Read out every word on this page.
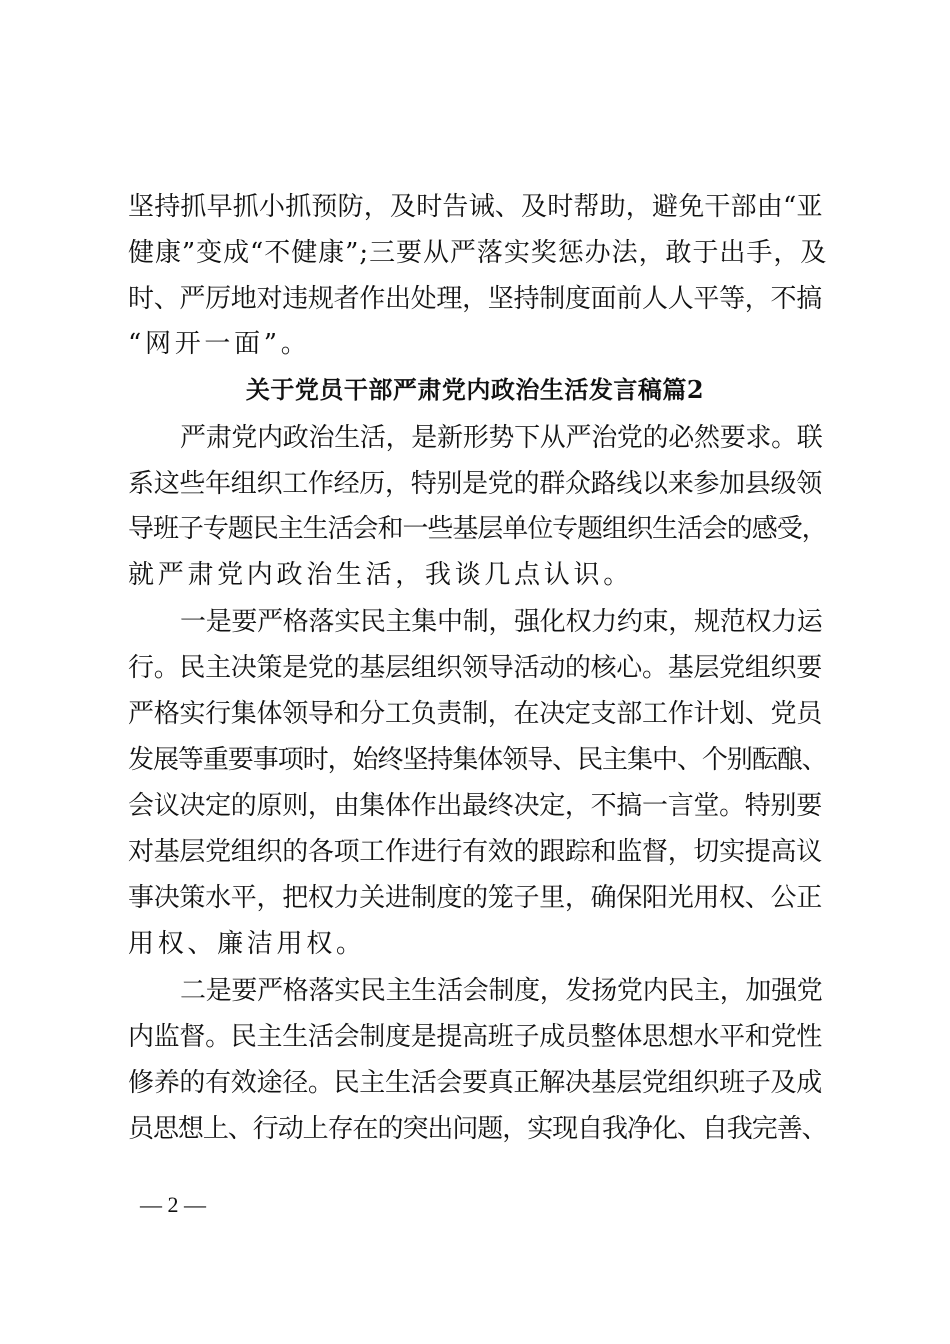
坚持抓早抓小抓预防，及时告诫、及时帮助，避免干部由“亚
健康”变成“不健康”;三要从严落实奖惩办法，敢于出手，及
时、严厉地对违规者作出处理，坚持制度面前人人平等，不搞
“网开一面”。
关于党员干部严肃党内政治生活发言稿篇2
严肃党内政治生活，是新形势下从严治党的必然要求。联
系这些年组织工作经历，特别是党的群众路线以来参加县级领
导班子专题民主生活会和一些基层单位专题组织生活会的感受，
就严肃党内政治生活，我谈几点认识。
一是要严格落实民主集中制，强化权力约束，规范权力运
行。民主决策是党的基层组织领导活动的核心。基层党组织要
严格实行集体领导和分工负责制，在决定支部工作计划、党员
发展等重要事项时，始终坚持集体领导、民主集中、个别酝酿、
会议决定的原则，由集体作出最终决定，不搞一言堂。特别要
对基层党组织的各项工作进行有效的跟踪和监督，切实提高议
事决策水平，把权力关进制度的笼子里，确保阳光用权、公正
用权、廉洁用权。
二是要严格落实民主生活会制度，发扬党内民主，加强党
内监督。民主生活会制度是提高班子成员整体思想水平和党性
修养的有效途径。民主生活会要真正解决基层党组织班子及成
员思想上、行动上存在的突出问题，实现自我净化、自我完善、
— 2 —
